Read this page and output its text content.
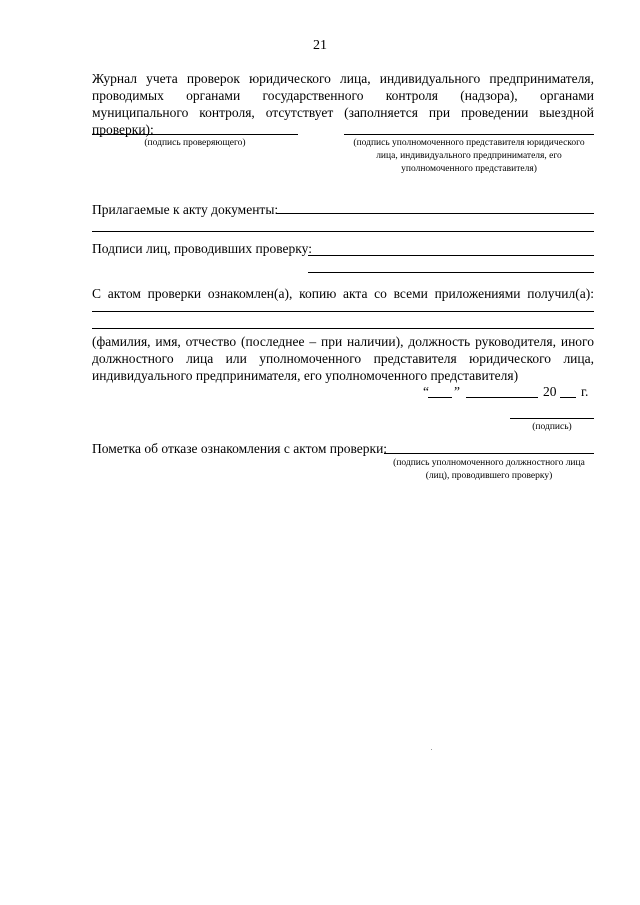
21
Журнал учета проверок юридического лица, индивидуального предпринимателя, проводимых органами государственного контроля (надзора), органами муниципального контроля, отсутствует (заполняется при проведении выездной проверки):
(подпись проверяющего)	(подпись уполномоченного представителя юридического лица, индивидуального предпринимателя, его уполномоченного представителя)
Прилагаемые к акту документы:
Подписи лиц, проводивших проверку:
С актом проверки ознакомлен(а), копию акта со всеми приложениями получил(а):
(фамилия, имя, отчество (последнее – при наличии), должность руководителя, иного должностного лица или уполномоченного представителя юридического лица, индивидуального предпринимателя, его уполномоченного представителя)
“ ”	20 г.
(подпись)
Пометка об отказе ознакомления с актом проверки:
(подпись уполномоченного должностного лица (лиц), проводившего проверку)
